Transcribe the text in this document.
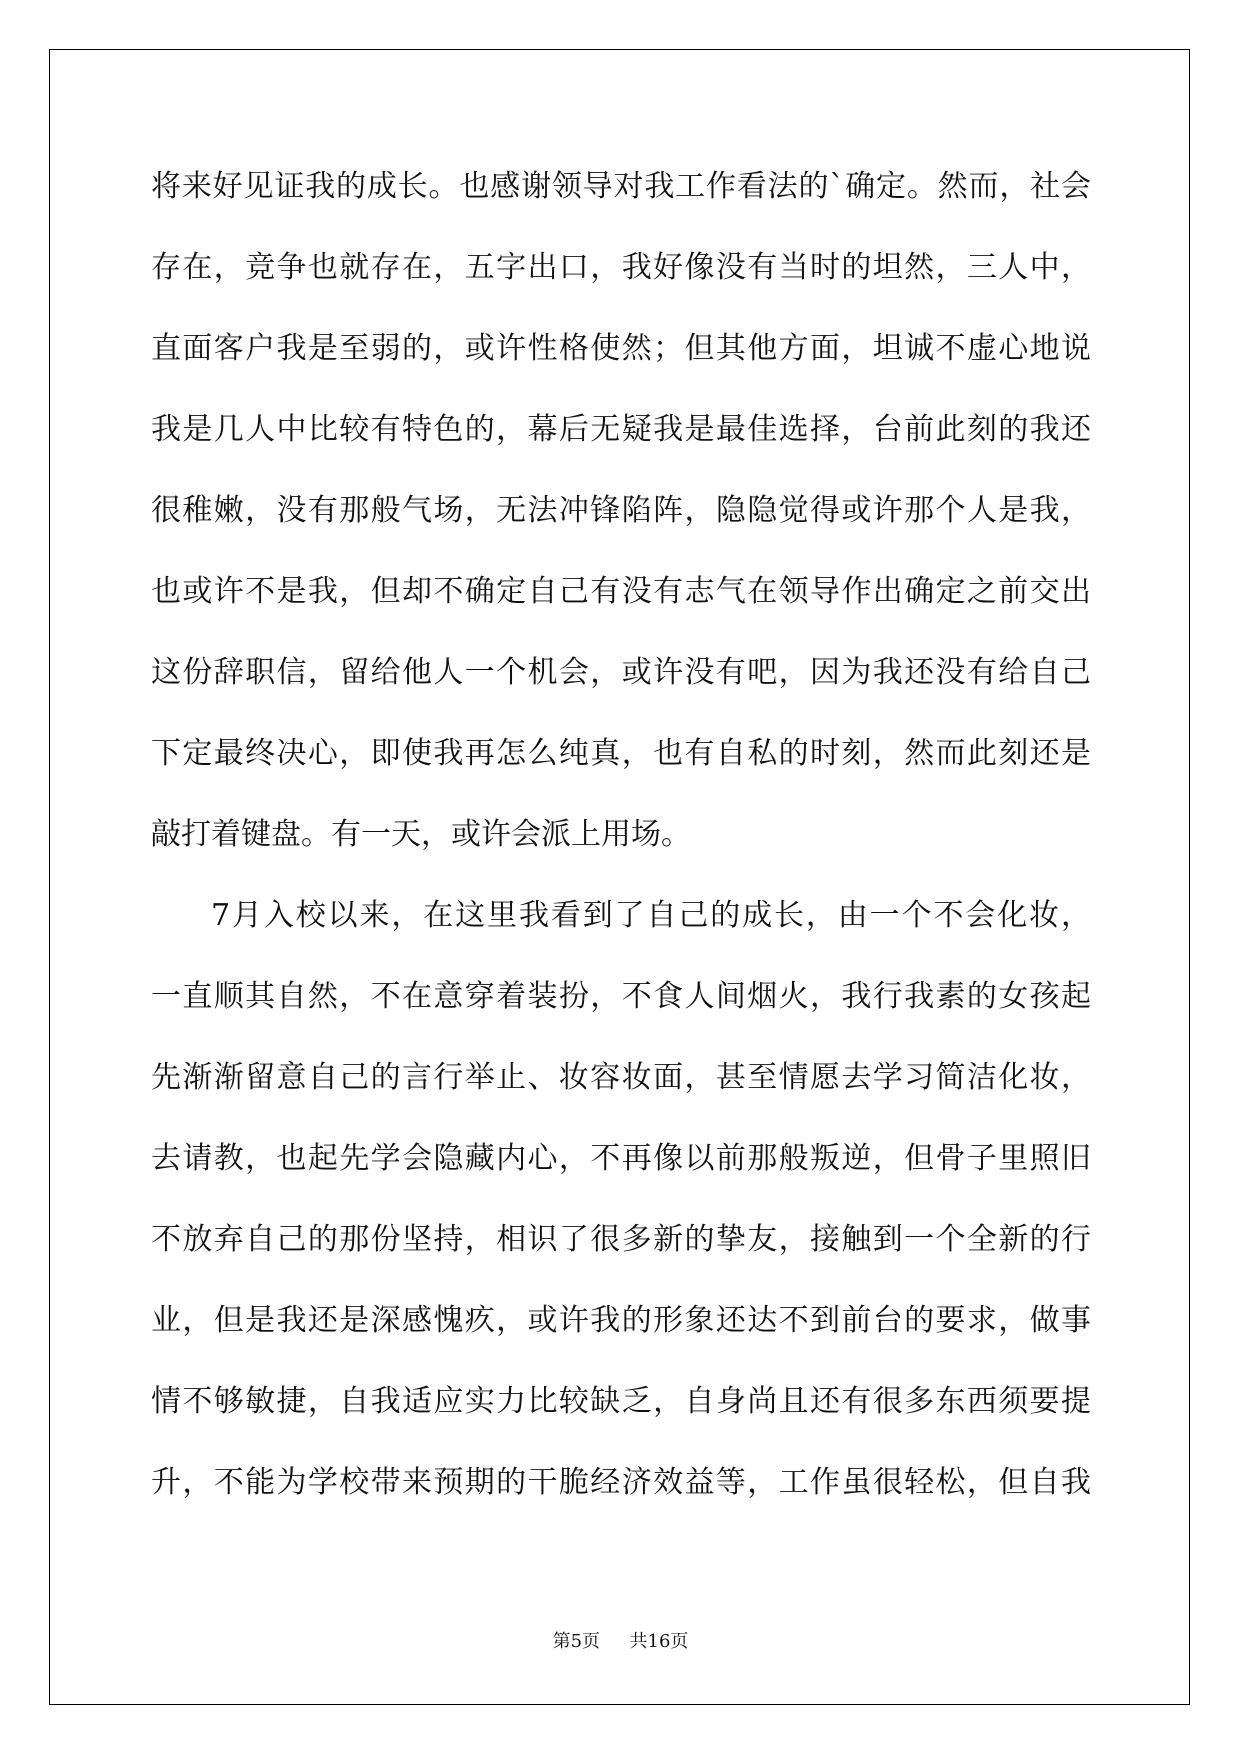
将来好见证我的成长。也感谢领导对我工作看法的`确定。然而，社会
存在，竞争也就存在，五字出口，我好像没有当时的坦然，三人中，
直面客户我是至弱的，或许性格使然；但其他方面，坦诚不虚心地说
我是几人中比较有特色的，幕后无疑我是最佳选择，台前此刻的我还
很稚嫩，没有那般气场，无法冲锋陷阵，隐隐觉得或许那个人是我，
也或许不是我，但却不确定自己有没有志气在领导作出确定之前交出
这份辞职信，留给他人一个机会，或许没有吧，因为我还没有给自己
下定最终决心，即使我再怎么纯真，也有自私的时刻，然而此刻还是
敲打着键盘。有一天，或许会派上用场。
7月入校以来，在这里我看到了自己的成长，由一个不会化妆，
一直顺其自然，不在意穿着装扮，不食人间烟火，我行我素的女孩起
先渐渐留意自己的言行举止、妆容妆面，甚至情愿去学习简洁化妆，
去请教，也起先学会隐藏内心，不再像以前那般叛逆，但骨子里照旧
不放弃自己的那份坚持，相识了很多新的挚友，接触到一个全新的行
业，但是我还是深感愧疚，或许我的形象还达不到前台的要求，做事
情不够敏捷，自我适应实力比较缺乏，自身尚且还有很多东西须要提
升，不能为学校带来预期的干脆经济效益等，工作虽很轻松，但自我
第5页 共16页
